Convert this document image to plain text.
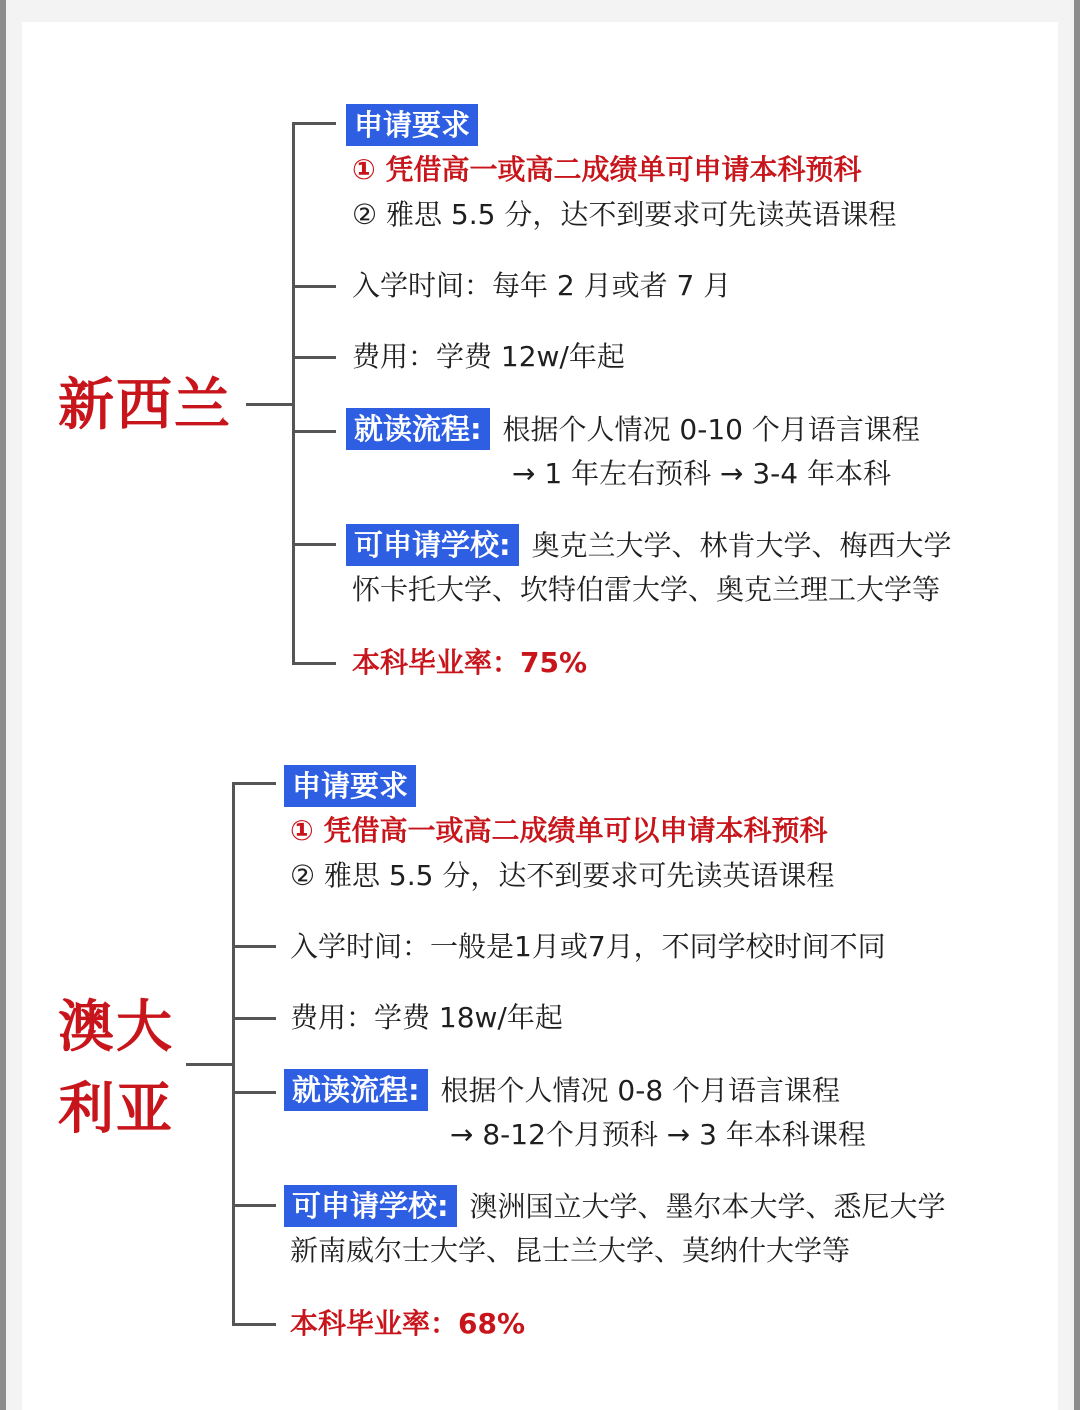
新西兰
申请要求
① 凭借高一或高二成绩单可申请本科预科
② 雅思 5.5 分，达不到要求可先读英语课程
入学时间：每年 2 月或者 7 月
费用：学费 12w/年起
就读流程: 根据个人情况 0-10 个月语言课程
→ 1 年左右预科 → 3-4 年本科
可申请学校: 奥克兰大学、林肯大学、梅西大学
怀卡托大学、坎特伯雷大学、奥克兰理工大学等
本科毕业率：75%
澳大
利亚
申请要求
① 凭借高一或高二成绩单可以申请本科预科
② 雅思 5.5 分，达不到要求可先读英语课程
入学时间：一般是1月或7月，不同学校时间不同
费用：学费 18w/年起
就读流程: 根据个人情况 0-8 个月语言课程
→ 8-12个月预科 → 3 年本科课程
可申请学校: 澳洲国立大学、墨尔本大学、悉尼大学
新南威尔士大学、昆士兰大学、莫纳什大学等
本科毕业率：68%
